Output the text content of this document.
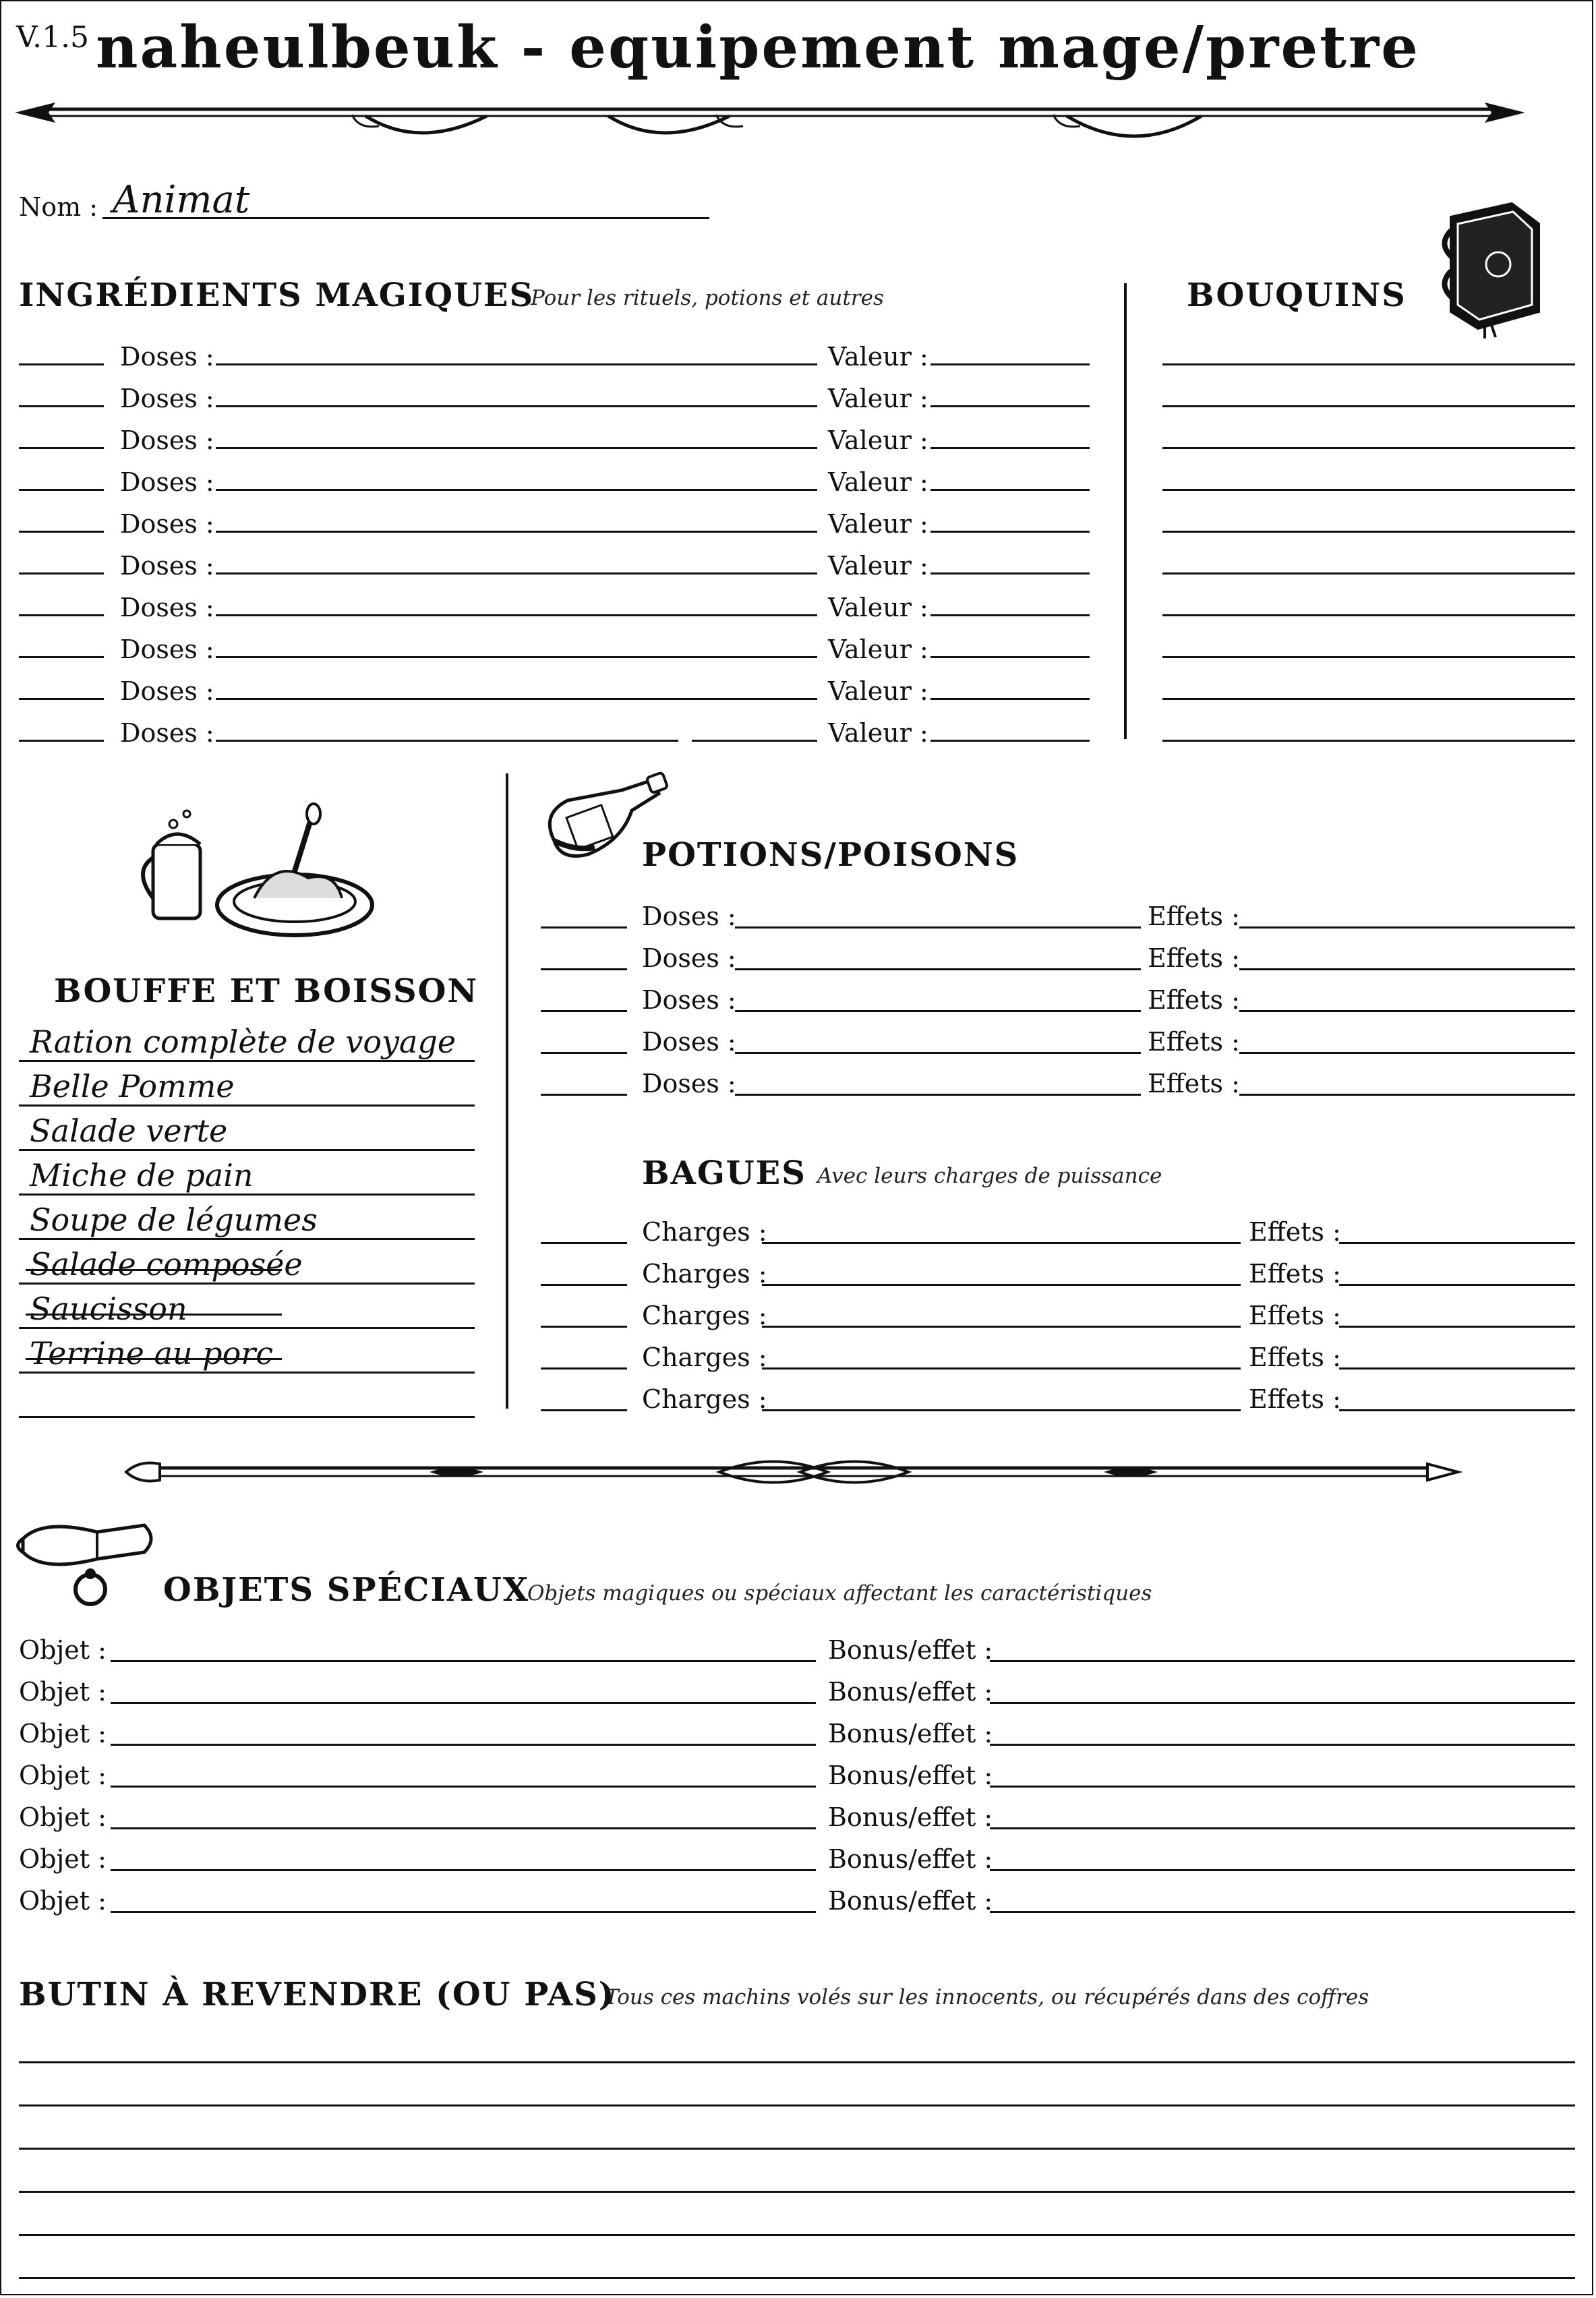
V.1.5 naheulbeuk - equipement mage/pretre
Nom : Animat
INGRÉDIENTS MAGIQUES
Pour les rituels, potions et autres
Doses :	Valeur :
Doses :	Valeur :
Doses :	Valeur :
Doses :	Valeur :
Doses :	Valeur :
Doses :	Valeur :
Doses :	Valeur :
Doses :	Valeur :
Doses :	Valeur :
Doses :	Valeur :
BOUQUINS
BOUFFE ET BOISSON
Ration complète de voyage
Belle Pomme
Salade verte
Miche de pain
Soupe de légumes
Salade composée
Saucisson
Terrine au porc
POTIONS/POISONS
Doses :	Effets :
Doses :	Effets :
Doses :	Effets :
Doses :	Effets :
Doses :	Effets :
BAGUES Avec leurs charges de puissance
Charges :	Effets :
Charges :	Effets :
Charges :	Effets :
Charges :	Effets :
Charges :	Effets :
OBJETS SPÉCIAUX
Objets magiques ou spéciaux affectant les caractéristiques
Objet :	Bonus/effet :
Objet :	Bonus/effet :
Objet :	Bonus/effet :
Objet :	Bonus/effet :
Objet :	Bonus/effet :
Objet :	Bonus/effet :
Objet :	Bonus/effet :
BUTIN À REVENDRE (OU PAS)
Tous ces machins volés sur les innocents, ou récupérés dans des coffres
